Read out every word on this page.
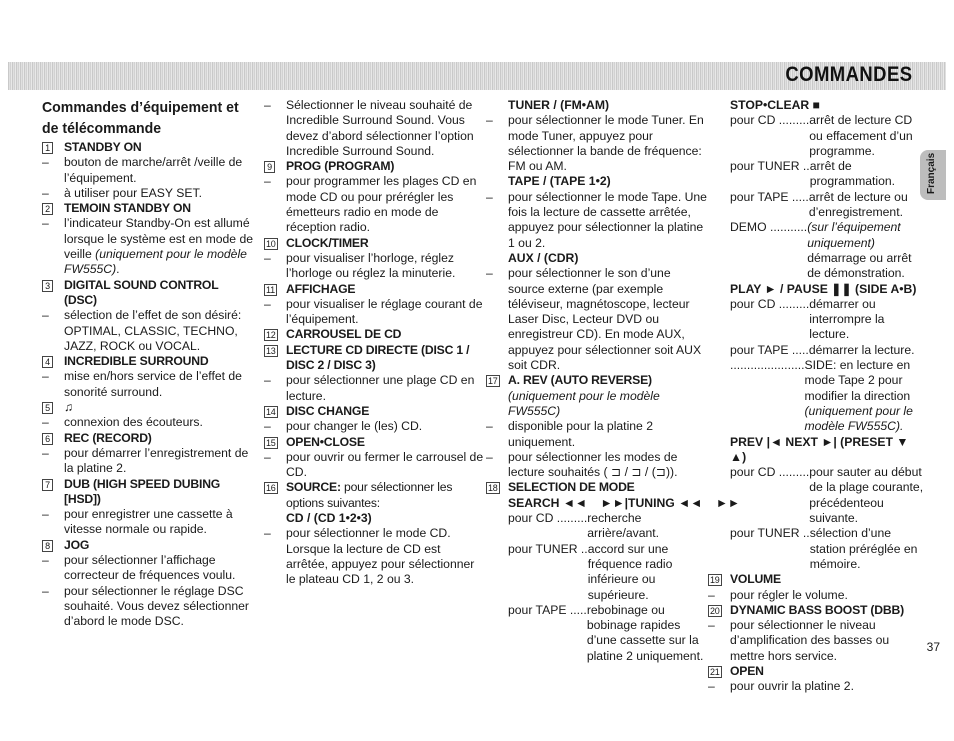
COMMANDES
Français
Commandes d’équipement et
de télécommande
1 STANDBY ON
– bouton de marche/arrêt /veille de l’équipement.
– à utiliser pour EASY SET.
2 TEMOIN STANDBY ON
– l’indicateur Standby-On est allumé lorsque le système est en mode de veille (uniquement pour le modèle FW555C).
3 DIGITAL SOUND CONTROL (DSC)
– sélection de l’effet de son désiré: OPTIMAL, CLASSIC, TECHNO, JAZZ, ROCK ou VOCAL.
4 INCREDIBLE SURROUND
– mise en/hors service de l’effet de sonorité surround.
5 ♫
– connexion des écouteurs.
6 REC (RECORD)
– pour démarrer l’enregistrement de la platine 2.
7 DUB (HIGH SPEED DUBING [HSD])
– pour enregistrer une cassette à vitesse normale ou rapide.
8 JOG
– pour sélectionner l’affichage correcteur de fréquences voulu.
– pour sélectionner le réglage DSC souhaité. Vous devez sélectionner d’abord le mode DSC.
– Sélectionner le niveau souhaité de Incredible Surround Sound. Vous devez d’abord sélectionner l’option Incredible Surround Sound.
9 PROG (PROGRAM)
– pour programmer les plages CD en mode CD ou pour prérégler les émetteurs radio en mode de réception radio.
10 CLOCK/TIMER
– pour visualiser l’horloge, réglez l’horloge ou réglez la minuterie.
11 AFFICHAGE
– pour visualiser le réglage courant de l’équipement.
12 CARROUSEL DE CD
13 LECTURE CD DIRECTE (DISC 1 / DISC 2 / DISC 3)
– pour sélectionner une plage CD en lecture.
14 DISC CHANGE
– pour changer le (les) CD.
15 OPEN•CLOSE
– pour ouvrir ou fermer le carrousel de CD.
16 SOURCE: pour sélectionner les options suivantes:
CD / (CD 1•2•3)
– pour sélectionner le mode CD. Lorsque la lecture de CD est arrêtée, appuyez pour sélectionner le plateau CD 1, 2 ou 3.
TUNER / (FM•AM)
– pour sélectionner le mode Tuner. En mode Tuner, appuyez pour sélectionner la bande de fréquence: FM ou AM.
TAPE / (TAPE 1•2)
– pour sélectionner le mode Tape. Une fois la lecture de cassette arrêtée, appuyez pour sélectionner la platine 1 ou 2.
AUX / (CDR)
– pour sélectionner le son d’une source externe (par exemple téléviseur, magnétoscope, lecteur Laser Disc, Lecteur DVD ou enregistreur CD). En mode AUX, appuyez pour sélectionner soit AUX soit CDR.
17 A. REV (AUTO REVERSE)
(uniquement pour le modèle FW555C)
– disponible pour la platine 2 uniquement.
– pour sélectionner les modes de lecture souhaités ( ⊐ / ⊐ / (⊐)).
18 SELECTION DE MODE
SEARCH ◄◄    ►►|TUNING ◄◄    ►►
pour CD ......... recherche arrière/avant.
pour TUNER .. accord sur une fréquence radio inférieure ou supérieure.
pour TAPE ..... rebobinage ou bobinage rapides d’une cassette sur la platine 2 uniquement.
STOP•CLEAR ■
pour CD ......... arrêt de lecture CD ou effacement d’un programme.
pour TUNER .. arrêt de programmation.
pour TAPE ..... arrêt de lecture ou d’enregistrement.
DEMO ........... (sur l’équipement uniquement) démarrage ou arrêt de démonstration.
PLAY ► / PAUSE ❚❚ (SIDE A•B)
pour CD ......... démarrer ou interrompre la lecture.
pour TAPE ..... démarrer la lecture.
...................... SIDE: en lecture en mode Tape 2 pour modifier la direction (uniquement pour le modèle FW555C).
PREV |◄ NEXT ►| (PRESET ▼ ▲)
pour CD ......... pour sauter au début de la plage courante, précédenteou suivante.
pour TUNER .. sélection d’une station préréglée en mémoire.
19 VOLUME
– pour régler le volume.
20 DYNAMIC BASS BOOST (DBB)
– pour sélectionner le niveau d’amplification des basses ou mettre hors service.
21 OPEN
– pour ouvrir la platine 2.
37
